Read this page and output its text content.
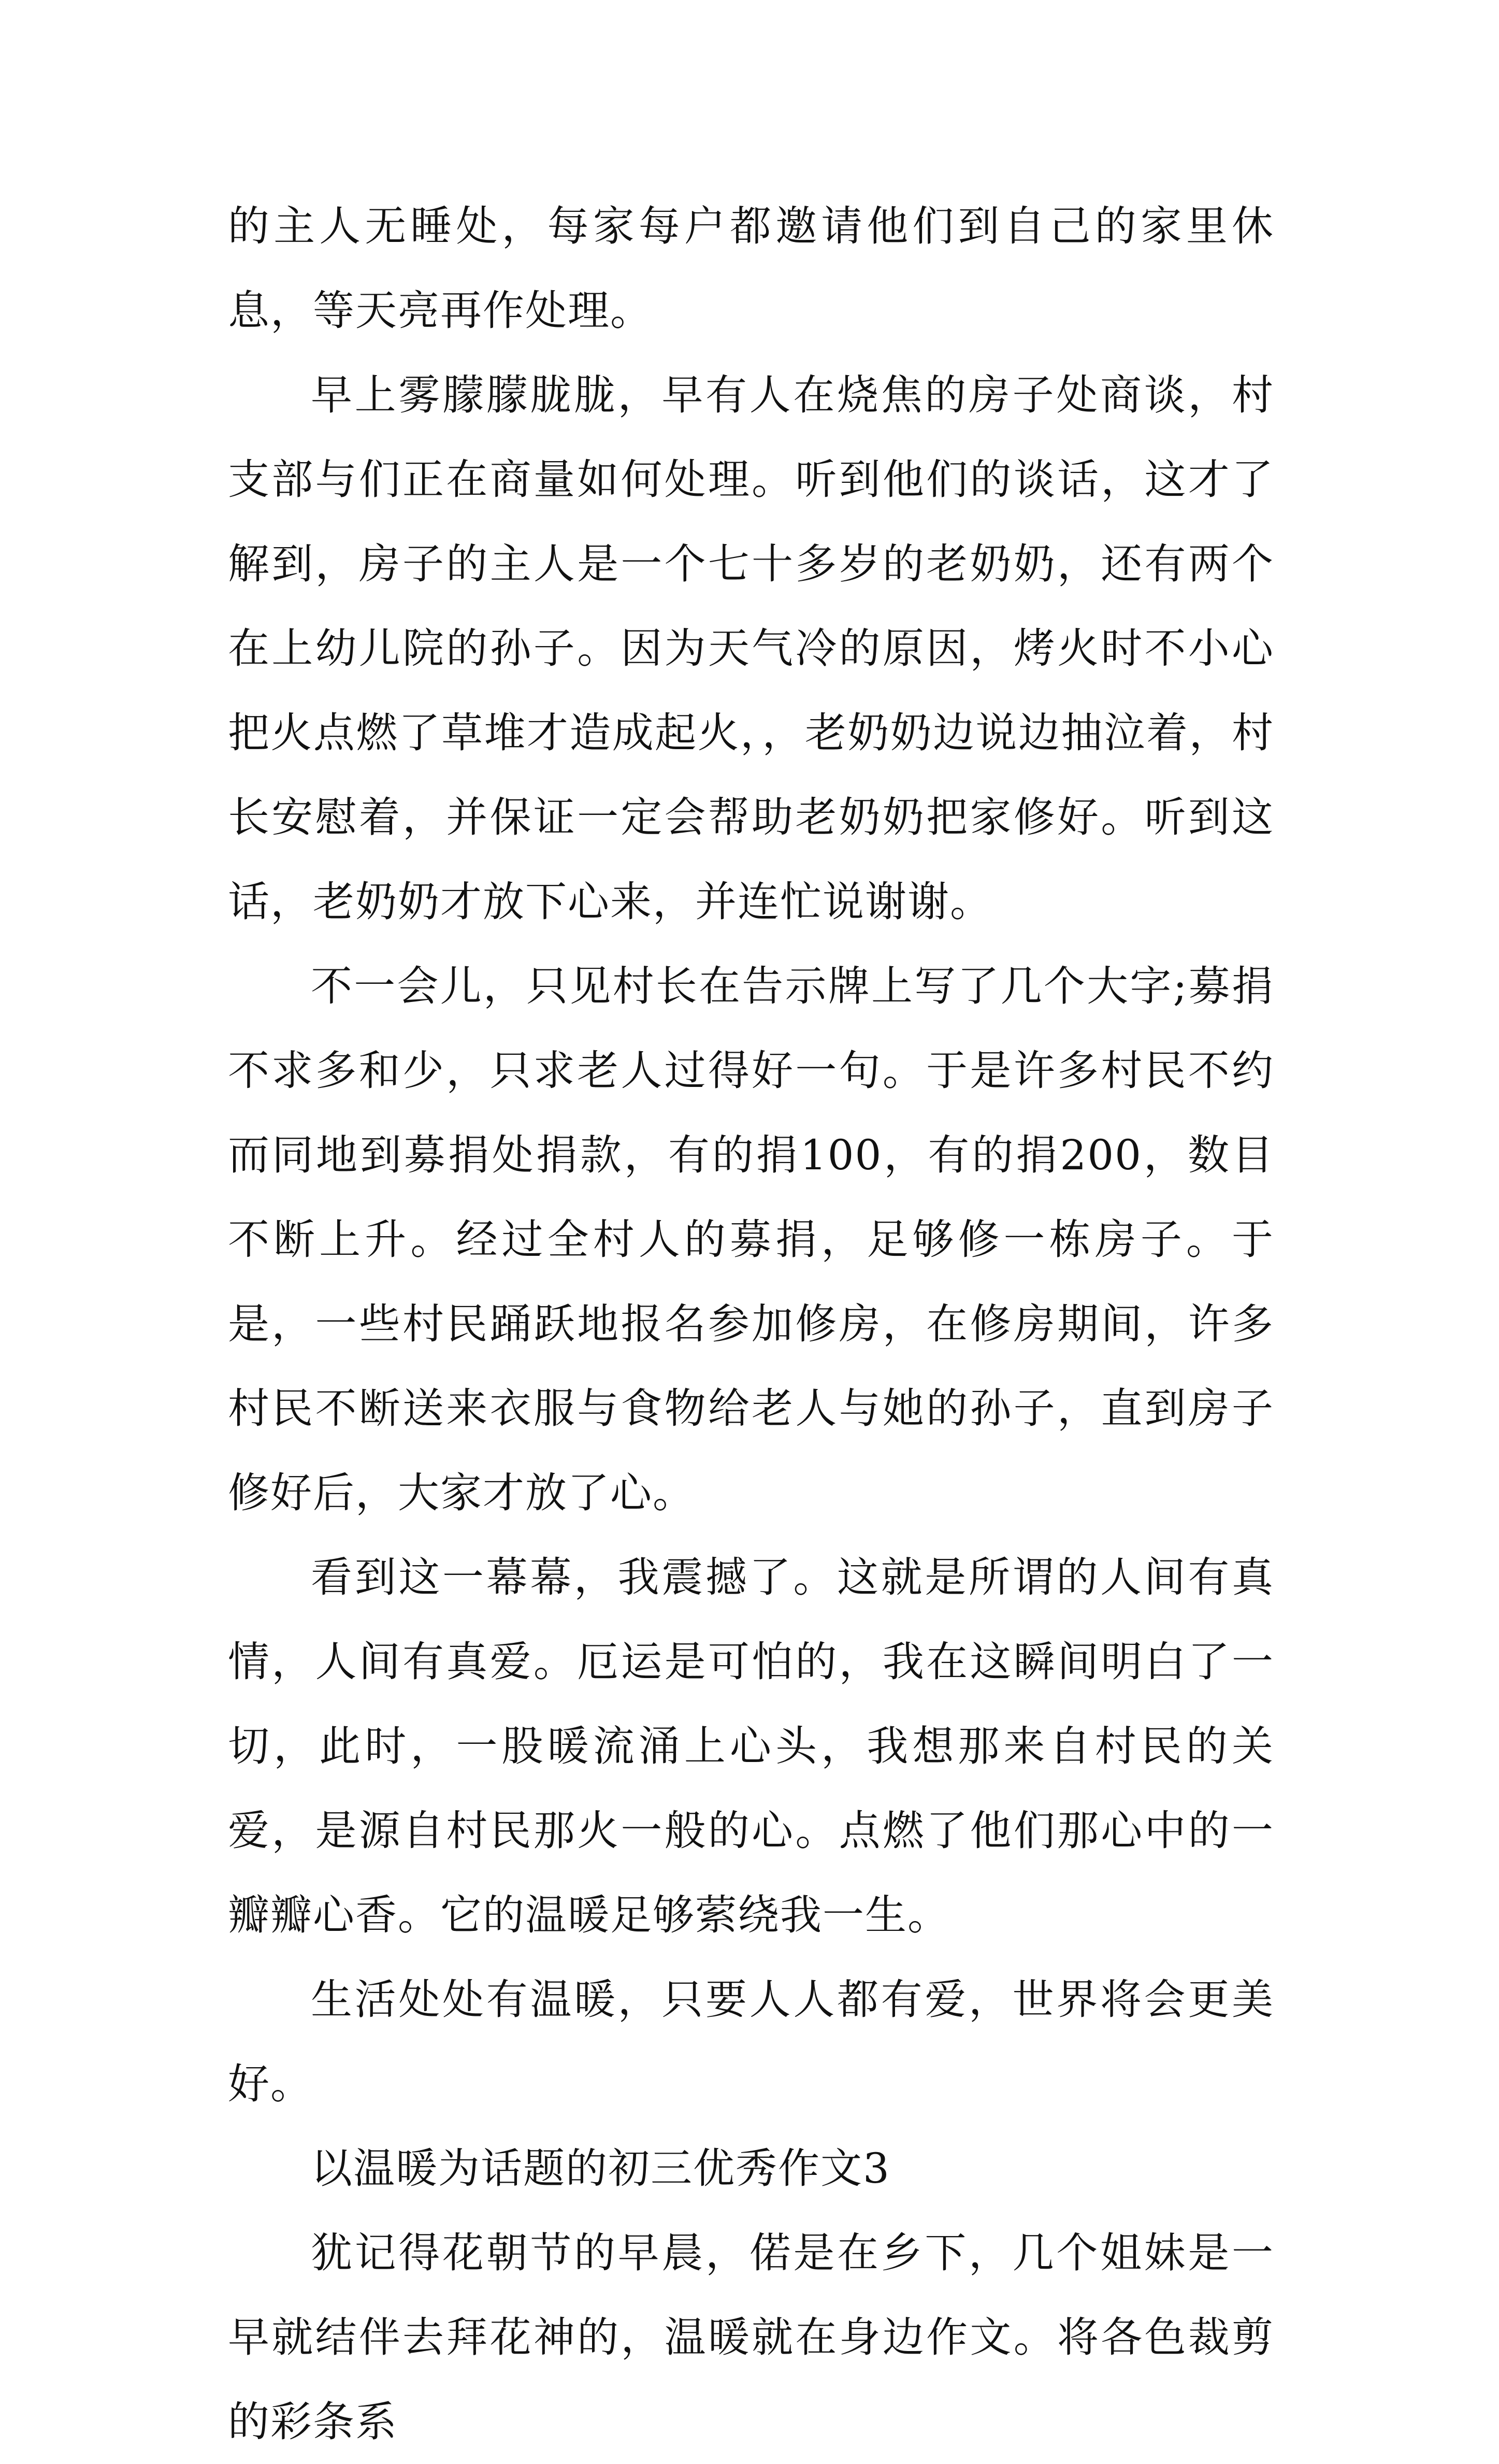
的主人无睡处，每家每户都邀请他们到自己的家里休息，等天亮再作处理。

早上雾朦朦胧胧，早有人在烧焦的房子处商谈，村支部与们正在商量如何处理。听到他们的谈话，这才了解到，房子的主人是一个七十多岁的老奶奶，还有两个在上幼儿院的孙子。因为天气冷的原因，烤火时不小心把火点燃了草堆才造成起火，，老奶奶边说边抽泣着，村长安慰着，并保证一定会帮助老奶奶把家修好。听到这话，老奶奶才放下心来，并连忙说谢谢。

不一会儿，只见村长在告示牌上写了几个大字;募捐不求多和少，只求老人过得好一句。于是许多村民不约而同地到募捐处捐款，有的捐100，有的捐200，数目不断上升。经过全村人的募捐，足够修一栋房子。于是，一些村民踊跃地报名参加修房，在修房期间，许多村民不断送来衣服与食物给老人与她的孙子，直到房子修好后，大家才放了心。

看到这一幕幕，我震撼了。这就是所谓的人间有真情，人间有真爱。厄运是可怕的，我在这瞬间明白了一切，此时，一股暖流涌上心头，我想那来自村民的关爱，是源自村民那火一般的心。点燃了他们那心中的一瓣瓣心香。它的温暖足够萦绕我一生。

生活处处有温暖，只要人人都有爱，世界将会更美好。

以温暖为话题的初三优秀作文3

犹记得花朝节的早晨，偌是在乡下，几个姐妹是一早就结伴去拜花神的，温暖就在身边作文。将各色裁剪的彩条系
